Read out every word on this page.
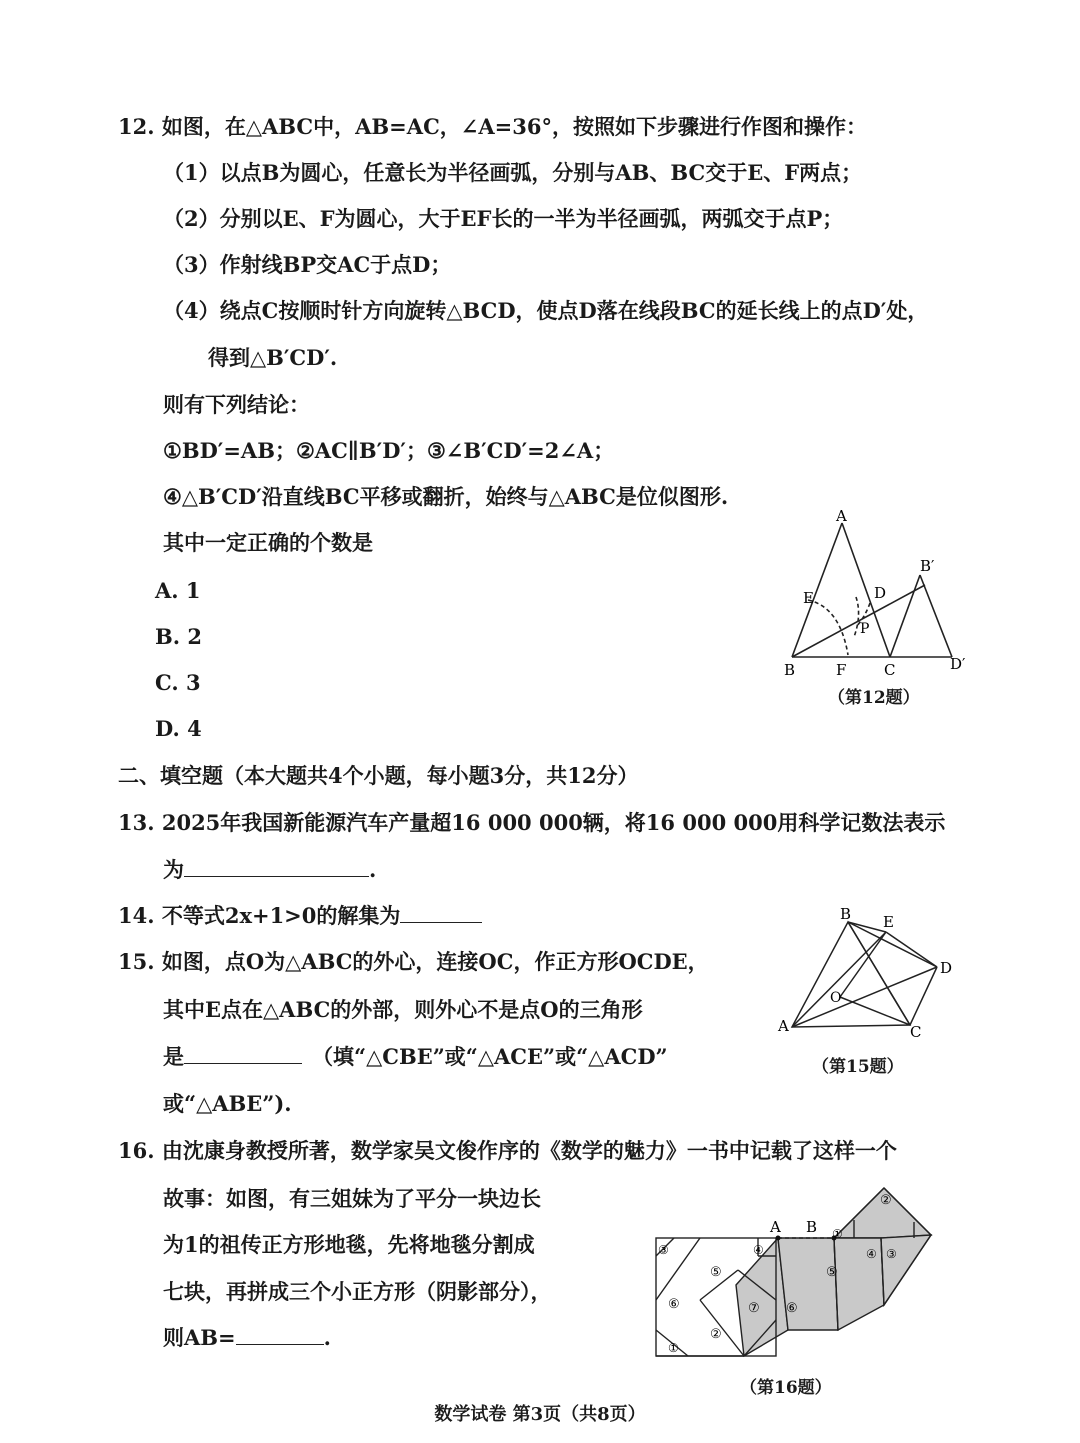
12. 如图，在△ABC中，AB=AC，∠A=36°，按照如下步骤进行作图和操作：
（1）以点B为圆心，任意长为半径画弧，分别与AB、BC交于E、F两点；
（2）分别以E、F为圆心，大于EF长的一半为半径画弧，两弧交于点P；
（3）作射线BP交AC于点D；
（4）绕点C按顺时针方向旋转△BCD，使点D落在线段BC的延长线上的点D′处，
得到△B′CD′.
则有下列结论：
①BD′=AB；②AC∥B′D′；③∠B′CD′=2∠A；
④△B′CD′沿直线BC平移或翻折，始终与△ABC是位似图形.
其中一定正确的个数是
A. 1
B. 2
C. 3
D. 4
A
B	C
D
E
F
P
B′
D′
（第12题）
二、填空题（本大题共4个小题，每小题3分，共12分）
13. 2025年我国新能源汽车产量超16 000 000辆，将16 000 000用科学记数法表示
为	.
14. 不等式2x+1>0的解集为
15. 如图，点O为△ABC的外心，连接OC，作正方形OCDE，
其中E点在△ABC的外部，则外心不是点O的三角形
是	（填“△CBE”或“△ACE”或“△ACD”
或“△ABE”).
B E
D
A	C
O
（第15题）
16. 由沈康身教授所著，数学家吴文俊作序的《数学的魅力》一书中记载了这样一个
故事：如图，有三姐妹为了平分一块边长
为1的祖传正方形地毯，先将地毯分割成
七块，再拼成三个小正方形（阴影部分），
则AB=	.
A B
③	④
⑤
⑥
①
②
⑦ ⑥
⑤
①
②
④ ③
（第16题）
数学试卷 第3页（共8页）
